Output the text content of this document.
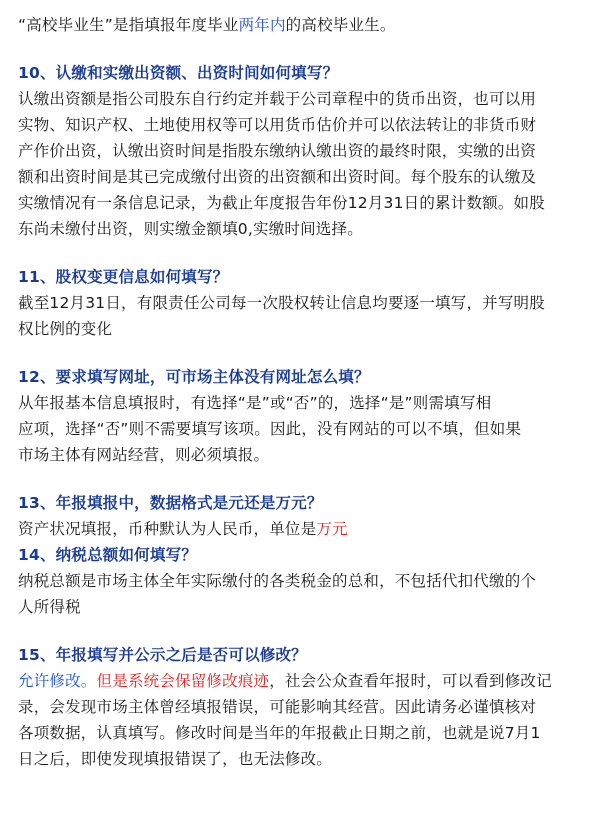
“高校毕业生”是指填报年度毕业两年内的高校毕业生。

10、认缴和实缴出资额、出资时间如何填写？

认缴出资额是指公司股东自行约定并载于公司章程中的货币出资，也可以用

实物、知识产权、土地使用权等可以用货币估价并可以依法转让的非货币财

产作价出资，认缴出资时间是指股东缴纳认缴出资的最终时限，实缴的出资

额和出资时间是其已完成缴付出资的出资额和出资时间。每个股东的认缴及

实缴情况有一条信息记录，为截止年度报告年份12月31日的累计数额。如股

东尚未缴付出资，则实缴金额填0,实缴时间选择。

11、股权变更信息如何填写？

截至12月31日，有限责任公司每一次股权转让信息均要逐一填写，并写明股

权比例的变化

12、要求填写网址，可市场主体没有网址怎么填？

从年报基本信息填报时，有选择“是”或“否”的，选择“是”则需填写相

应项，选择“否”则不需要填写该项。因此，没有网站的可以不填，但如果

市场主体有网站经营，则必须填报。

13、年报填报中，数据格式是元还是万元？

资产状况填报，币种默认为人民币，单位是万元

14、纳税总额如何填写？

纳税总额是市场主体全年实际缴付的各类税金的总和，不包括代扣代缴的个

人所得税

15、年报填写并公示之后是否可以修改？

允许修改。但是系统会保留修改痕迹，社会公众查看年报时，可以看到修改记

录，会发现市场主体曾经填报错误，可能影响其经营。因此请务必谨慎核对

各项数据，认真填写。修改时间是当年的年报截止日期之前，也就是说7月1

日之后，即使发现填报错误了，也无法修改。
